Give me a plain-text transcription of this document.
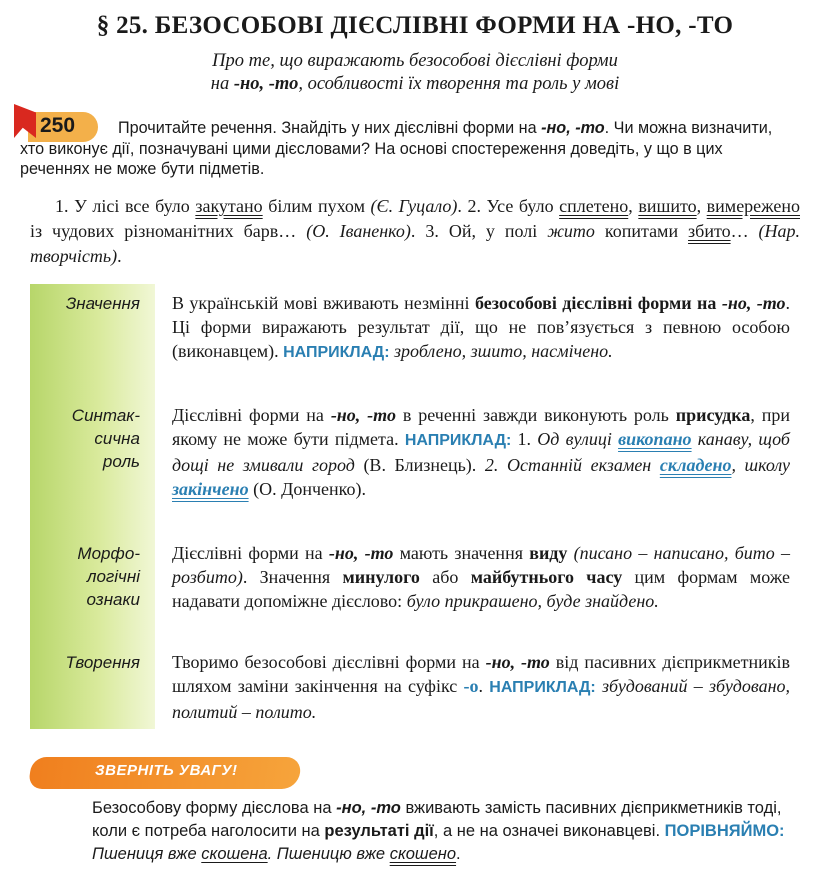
§ 25. БЕЗОСОБОВІ ДІЄСЛІВНІ ФОРМИ НА -НО, -ТО
Про те, що виражають безособові дієслівні форми
на -но, -то, особливості їх творення та роль у мові
250	Прочитайте речення. Знайдіть у них дієслівні форми на -но, -то. Чи можна визначити, хто виконує дії, позначувані цими дієсловами? На основі спостереження доведіть, у що в цих реченнях не може бути підметів.
1. У лісі все було закутано білим пухом (Є. Гуцало). 2. Усе було сплетено, вишито, вимережено із чудових різноманітних барв… (О. Іваненко). 3. Ой, у полі жито копитами збито… (Нар. творчість).
Значення В українській мові вживають незмінні безособові дієслівні форми на -но, -то. Ці форми виражають результат дії, що не пов’язується з певною особою (виконавцем). НАПРИКЛАД: зроблено, зшито, насмічено.
Синтак-
сична
роль
Дієслівні форми на -но, -то в реченні завжди виконують роль присудка, при якому не може бути підмета. НАПРИКЛАД: 1. Од вулиці викопано канаву, щоб дощі не змивали город (В. Близнець). 2. Останній екзамен складено, школу закінчено (О. Донченко).
Морфо-
логічні
ознаки
Дієслівні форми на -но, -то мають значення виду (писано – написано, бито – розбито). Значення минулого або майбутнього часу цим формам може надавати допоміжне дієслово: було прикрашено, буде знайдено.
Творення Творимо безособові дієслівні форми на -но, -то від пасивних дієприкметників шляхом заміни закінчення на суфікс -о. НАПРИКЛАД: збудований – збудовано, политий – полито.
ЗВЕРНІТЬ УВАГУ!
Безособову форму дієслова на -но, -то вживають замість пасивних дієприкметників тоді, коли є потреба наголосити на результаті дії, а не на означеі виконавцеві. ПОРІВНЯЙМО: Пшениця вже скошена. Пшеницю вже скошено.
